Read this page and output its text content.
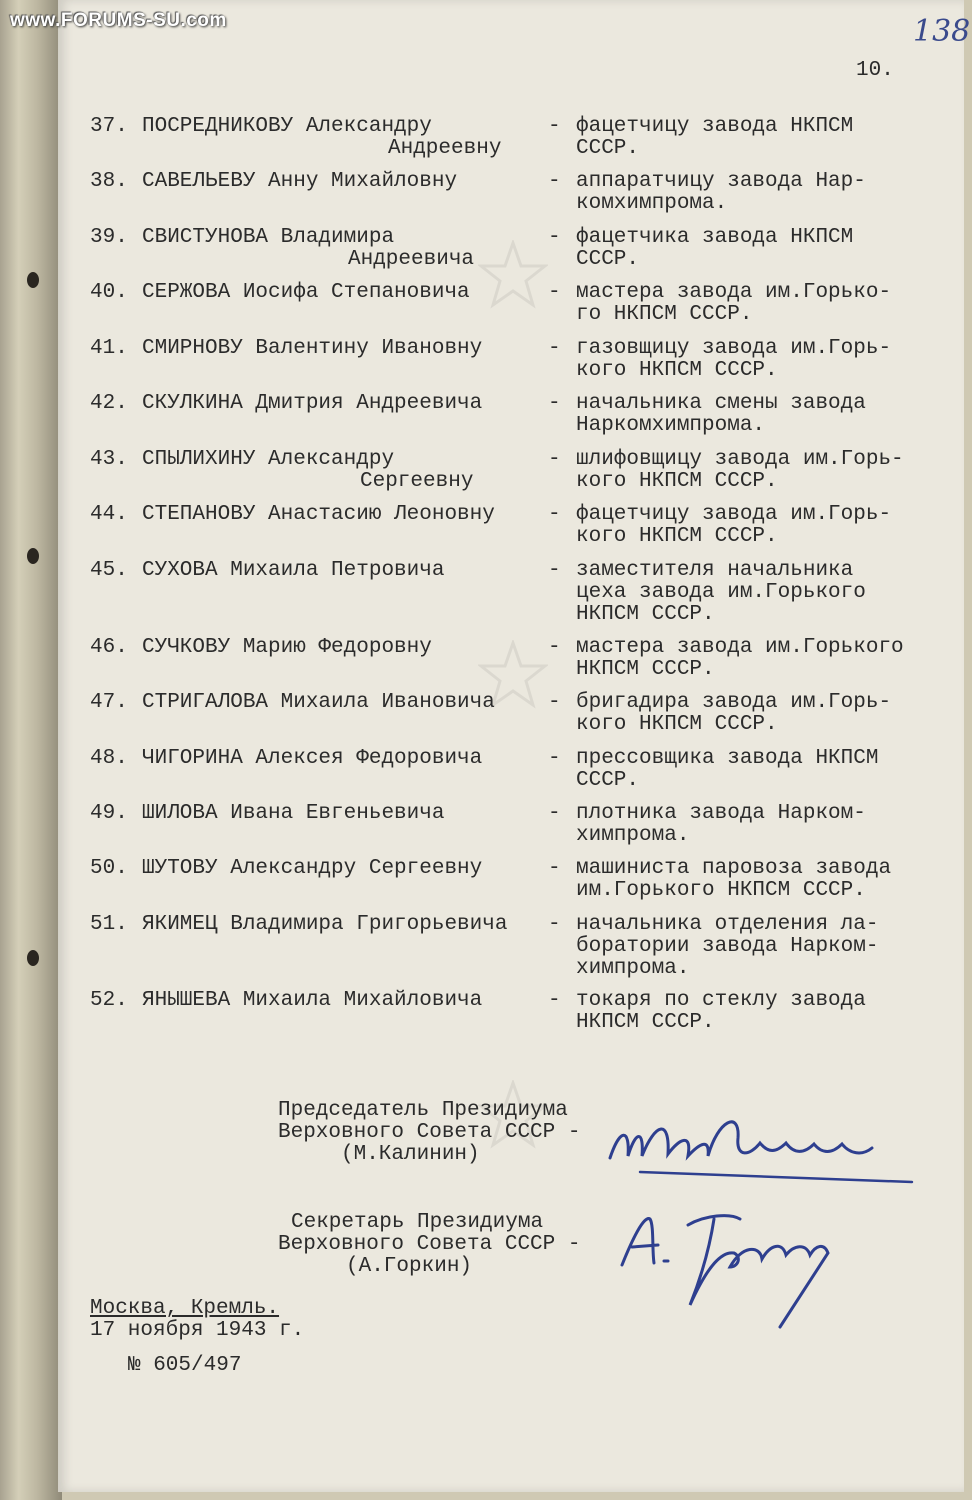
www.FORUMS-SU.com	138
10.
37. ПОСРЕДНИКОВУ Александру
Андреевну
- фацетчицу завода НКПСМ
СССР.
38. САВЕЛЬЕВУ Анну Михайловну	- аппаратчицу завода Нар-
комхимпрома.
39. СВИСТУНОВА Владимира
Андреевича
- фацетчика завода НКПСМ
СССР.
40. СЕРЖОВА Иосифа Степановича	- мастера завода им.Горько-
го НКПСМ СССР.
41. СМИРНОВУ Валентину Ивановну	- газовщицу завода им.Горь-
кого НКПСМ СССР.
42. СКУЛКИНА Дмитрия Андреевича	- начальника смены завода
Наркомхимпрома.
43. СПЫЛИХИНУ Александру
Сергеевну
- шлифовщицу завода им.Горь-
кого НКПСМ СССР.
44. СТЕПАНОВУ Анастасию Леоновну	- фацетчицу завода им.Горь-
кого НКПСМ СССР.
45. СУХОВА Михаила Петровича	- заместителя начальника
цеха завода им.Горького
НКПСМ СССР.
46. СУЧКОВУ Марию Федоровну	- мастера завода им.Горького
НКПСМ СССР.
47. СТРИГАЛОВА Михаила Ивановича	- бригадира завода им.Горь-
кого НКПСМ СССР.
48. ЧИГОРИНА Алексея Федоровича	- прессовщика завода НКПСМ
СССР.
49. ШИЛОВА Ивана Евгеньевича	- плотника завода Нарком-
химпрома.
50. ШУТОВУ Александру Сергеевну	- машиниста паровоза завода
им.Горького НКПСМ СССР.
51. ЯКИМЕЦ Владимира Григорьевича - начальника отделения ла-
боратории завода Нарком-
химпрома.
52. ЯНЫШЕВА Михаила Михайловича	- токаря по стеклу завода
НКПСМ СССР.
Председатель Президиума
Верховного Совета СССР -
(М.Калинин)
Секретарь Президиума
Верховного Совета СССР -
(А.Горкин)
Москва, Кремль.
17 ноября 1943 г.
№ 605/497
